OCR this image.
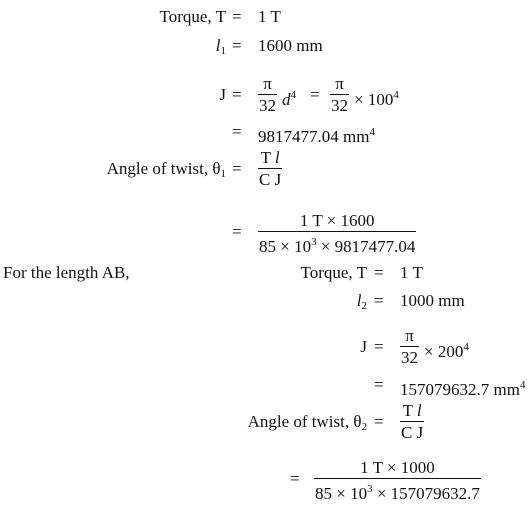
Torque, T = 1 T
$l_1 = 1600$ mm
J =
π
32 $d^4$ =
π
$32 \times 100^4$
= 9817477.04 $mm^4$
Angle of twist, $\theta_1$ =
T l
C J
=
1 T × 1600
$85 \times 10^3 \times 9817477.04$
For the length AB,	Torque, T = 1 T
$l_2 = 1000$ mm
J =
π
$32 \times 200^4$
= 157079632.7 $mm^4$
Angle of twist, $\theta_2$ =
T l
C J
=
1 T × 1000
$85 \times 10^3 \times 157079632.7$
